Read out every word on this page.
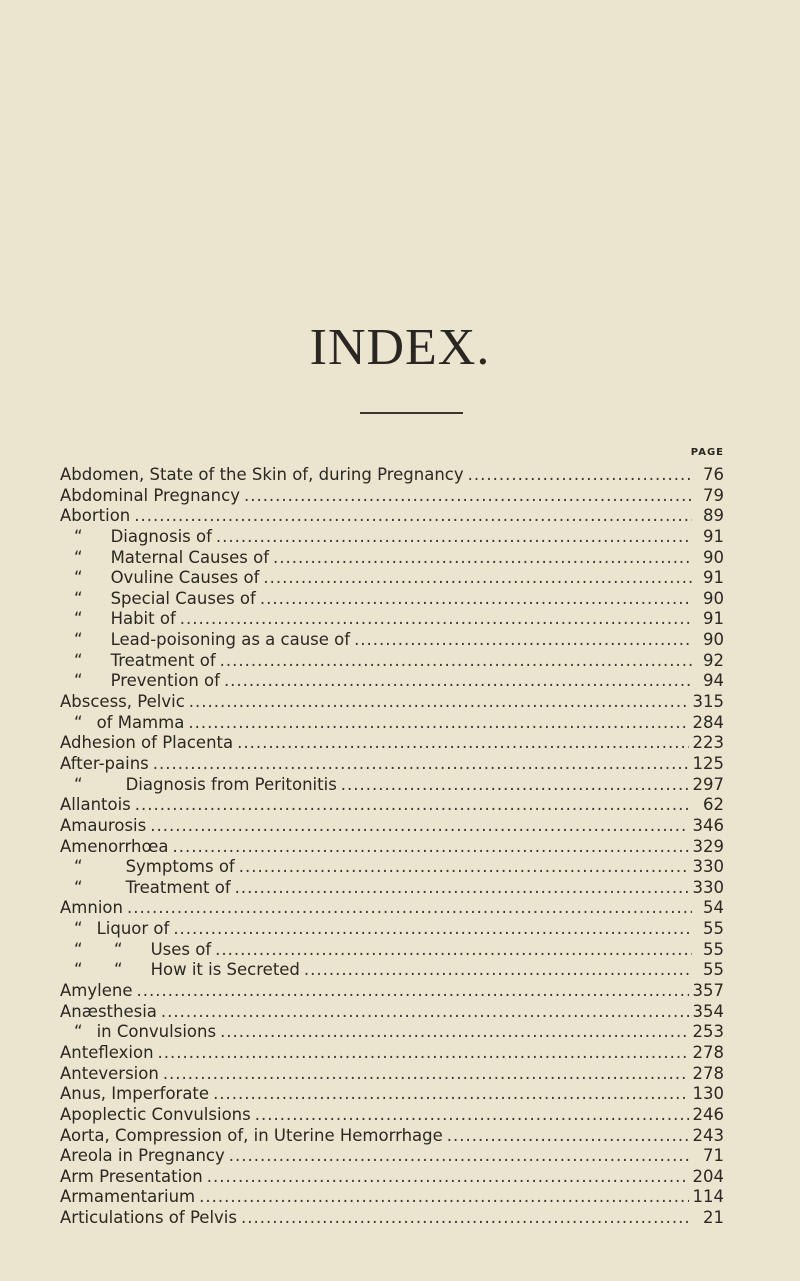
INDEX.
PAGE
Abdomen, State of the Skin of, during Pregnancy .....	76
Abdominal Pregnancy .....	79
Abortion .....	89
“ Diagnosis of .....	91
“ Maternal Causes of .....	90
“ Ovuline Causes of .....	91
“ Special Causes of .....	90
“ Habit of .....	91
“ Lead-poisoning as a cause of .....	90
“ Treatment of .....	92
“ Prevention of .....	94
Abscess, Pelvic .....	315
“ of Mamma .....	284
Adhesion of Placenta .....	223
After-pains .....	125
“	Diagnosis from Peritonitis .....	297
Allantois .....	62
Amaurosis .....	346
Amenorrhœa .....	329
“	Symptoms of .....	330
“	Treatment of .....	330
Amnion .....	54
“ Liquor of .....	55
“      “ Uses of .....	55
“      “ How it is Secreted .....	55
Amylene .....	357
Anæsthesia .....	354
“ in Convulsions .....	253
Anteflexion .....	278
Anteversion .....	278
Anus, Imperforate .....	130
Apoplectic Convulsions .....	246
Aorta, Compression of, in Uterine Hemorrhage .....	243
Areola in Pregnancy .....	71
Arm Presentation .....	204
Armamentarium .....	114
Articulations of Pelvis .....	21
